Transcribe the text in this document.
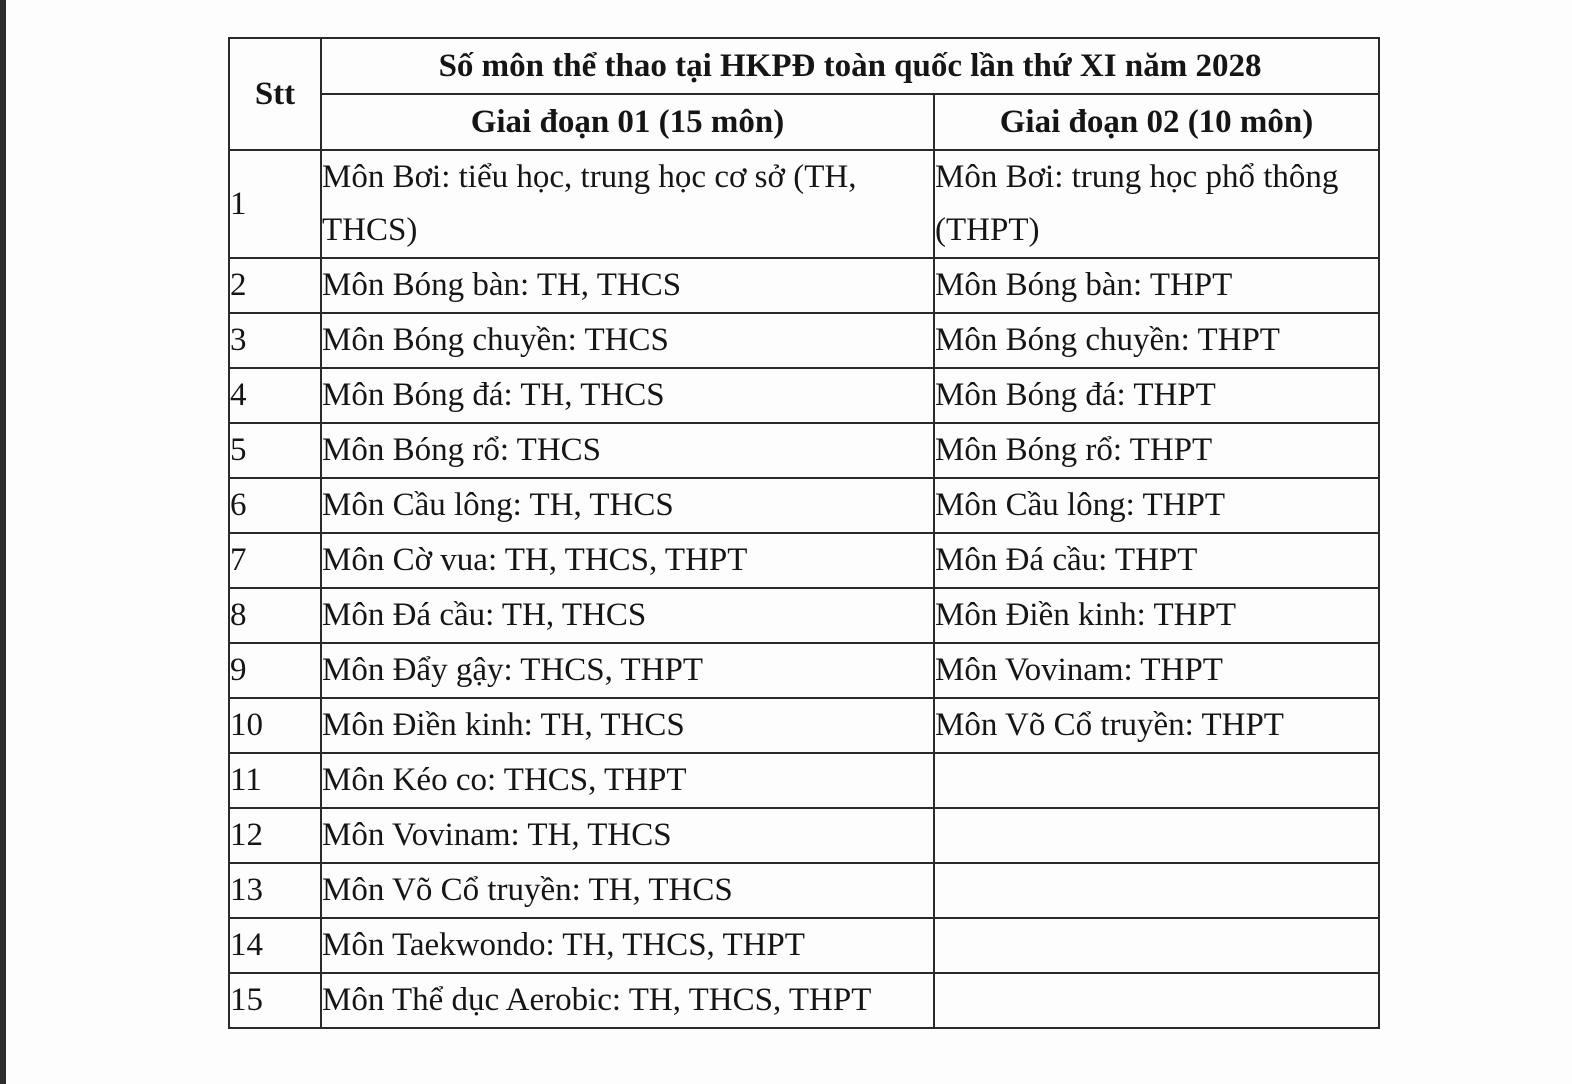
Stt	Số môn thể thao tại HKPĐ toàn quốc lần thứ XI năm 2028	
	Giai đoạn 01 (15 môn)	Giai đoạn 02 (10 môn)
1	Môn Bơi: tiểu học, trung học cơ sở (TH, THCS)	Môn Bơi: trung học phổ thông (THPT)
2	Môn Bóng bàn: TH, THCS	Môn Bóng bàn: THPT
3	Môn Bóng chuyền: THCS	Môn Bóng chuyền: THPT
4	Môn Bóng đá: TH, THCS	Môn Bóng đá: THPT
5	Môn Bóng rổ: THCS	Môn Bóng rổ: THPT
6	Môn Cầu lông: TH, THCS	Môn Cầu lông: THPT
7	Môn Cờ vua: TH, THCS, THPT	Môn Đá cầu: THPT
8	Môn Đá cầu: TH, THCS	Môn Điền kinh: THPT
9	Môn Đẩy gậy: THCS, THPT	Môn Vovinam: THPT
10	Môn Điền kinh: TH, THCS	Môn Võ Cổ truyền: THPT
11	Môn Kéo co: THCS, THPT	
12	Môn Vovinam: TH, THCS	
13	Môn Võ Cổ truyền: TH, THCS	
14	Môn Taekwondo: TH, THCS, THPT	
15	Môn Thể dục Aerobic: TH, THCS, THPT	
